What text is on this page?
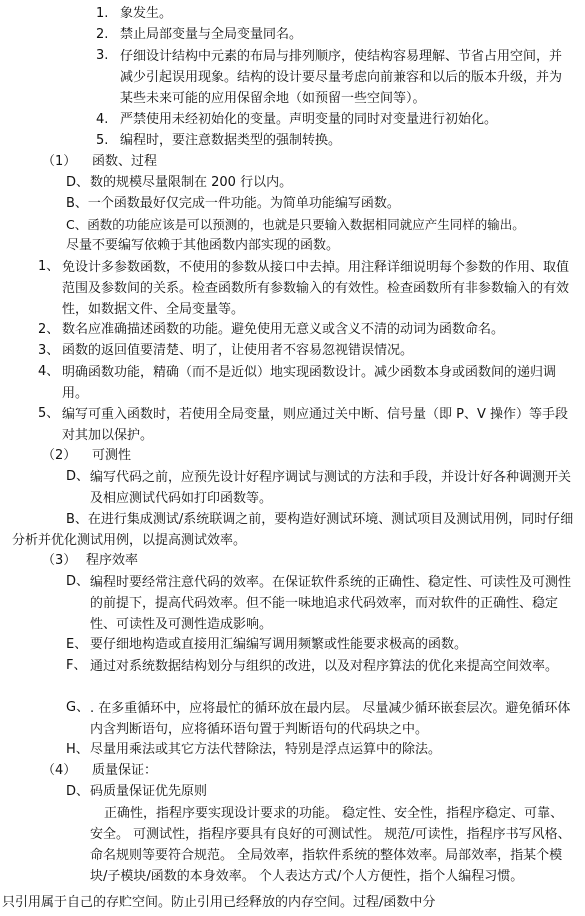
1. 象发生。
2. 禁止局部变量与全局变量同名。
3. 仔细设计结构中元素的布局与排列顺序，使结构容易理解、节省占用空间，并减少引起误用现象。结构的设计要尽量考虑向前兼容和以后的版本升级，并为某些未来可能的应用保留余地（如预留一些空间等）。
4. 严禁使用未经初始化的变量。声明变量的同时对变量进行初始化。
5. 编程时，要注意数据类型的强制转换。
（1） 函数、过程
D、 数的规模尽量限制在 200 行以内。
B、一个函数最好仅完成一件功能。为简单功能编写函数。
C、函数的功能应该是可以预测的，也就是只要输入数据相同就应产生同样的输出。
尽量不要编写依赖于其他函数内部实现的函数。
1、 免设计多参数函数，不使用的参数从接口中去掉。用注释详细说明每个参数的作用、取值范围及参数间的关系。检查函数所有参数输入的有效性。检查函数所有非参数输入的有效性，如数据文件、全局变量等。
2、 数名应准确描述函数的功能。避免使用无意义或含义不清的动词为函数命名。
3、 函数的返回值要清楚、明了，让使用者不容易忽视错误情况。
4、 明确函数功能，精确（而不是近似）地实现函数设计。减少函数本身或函数间的递归调用。
5、 编写可重入函数时，若使用全局变量，则应通过关中断、信号量（即 P、V 操作）等手段对其加以保护。
（2） 可测性
D、 编写代码之前，应预先设计好程序调试与测试的方法和手段，并设计好各种调测开关及相应测试代码如打印函数等。
B、在进行集成测试/系统联调之前，要构造好测试环境、测试项目及测试用例，同时仔细分析并优化测试用例，以提高测试效率。
（3） 程序效率
D、 编程时要经常注意代码的效率。在保证软件系统的正确性、稳定性、可读性及可测性的前提下，提高代码效率。但不能一味地追求代码效率，而对软件的正确性、稳定性、可读性及可测性造成影响。
E、 要仔细地构造或直接用汇编编写调用频繁或性能要求极高的函数。
F、 通过对系统数据结构划分与组织的改进，以及对程序算法的优化来提高空间效率。
G、 . 在多重循环中，应将最忙的循环放在最内层。 尽量减少循环嵌套层次。避免循环体内含判断语句，应将循环语句置于判断语句的代码块之中。
H、 尽量用乘法或其它方法代替除法，特别是浮点运算中的除法。
（4） 质量保证：
D、 码质量保证优先原则
正确性，指程序要实现设计要求的功能。 稳定性、安全性，指程序稳定、可靠、安全。 可测试性，指程序要具有良好的可测试性。 规范/可读性，指程序书写风格、命名规则等要符合规范。 全局效率，指软件系统的整体效率。局部效率，指某个模块/子模块/函数的本身效率。 个人表达方式/个人方便性，指个人编程习惯。
只引用属于自己的存贮空间。防止引用已经释放的内存空间。过程/函数中分
